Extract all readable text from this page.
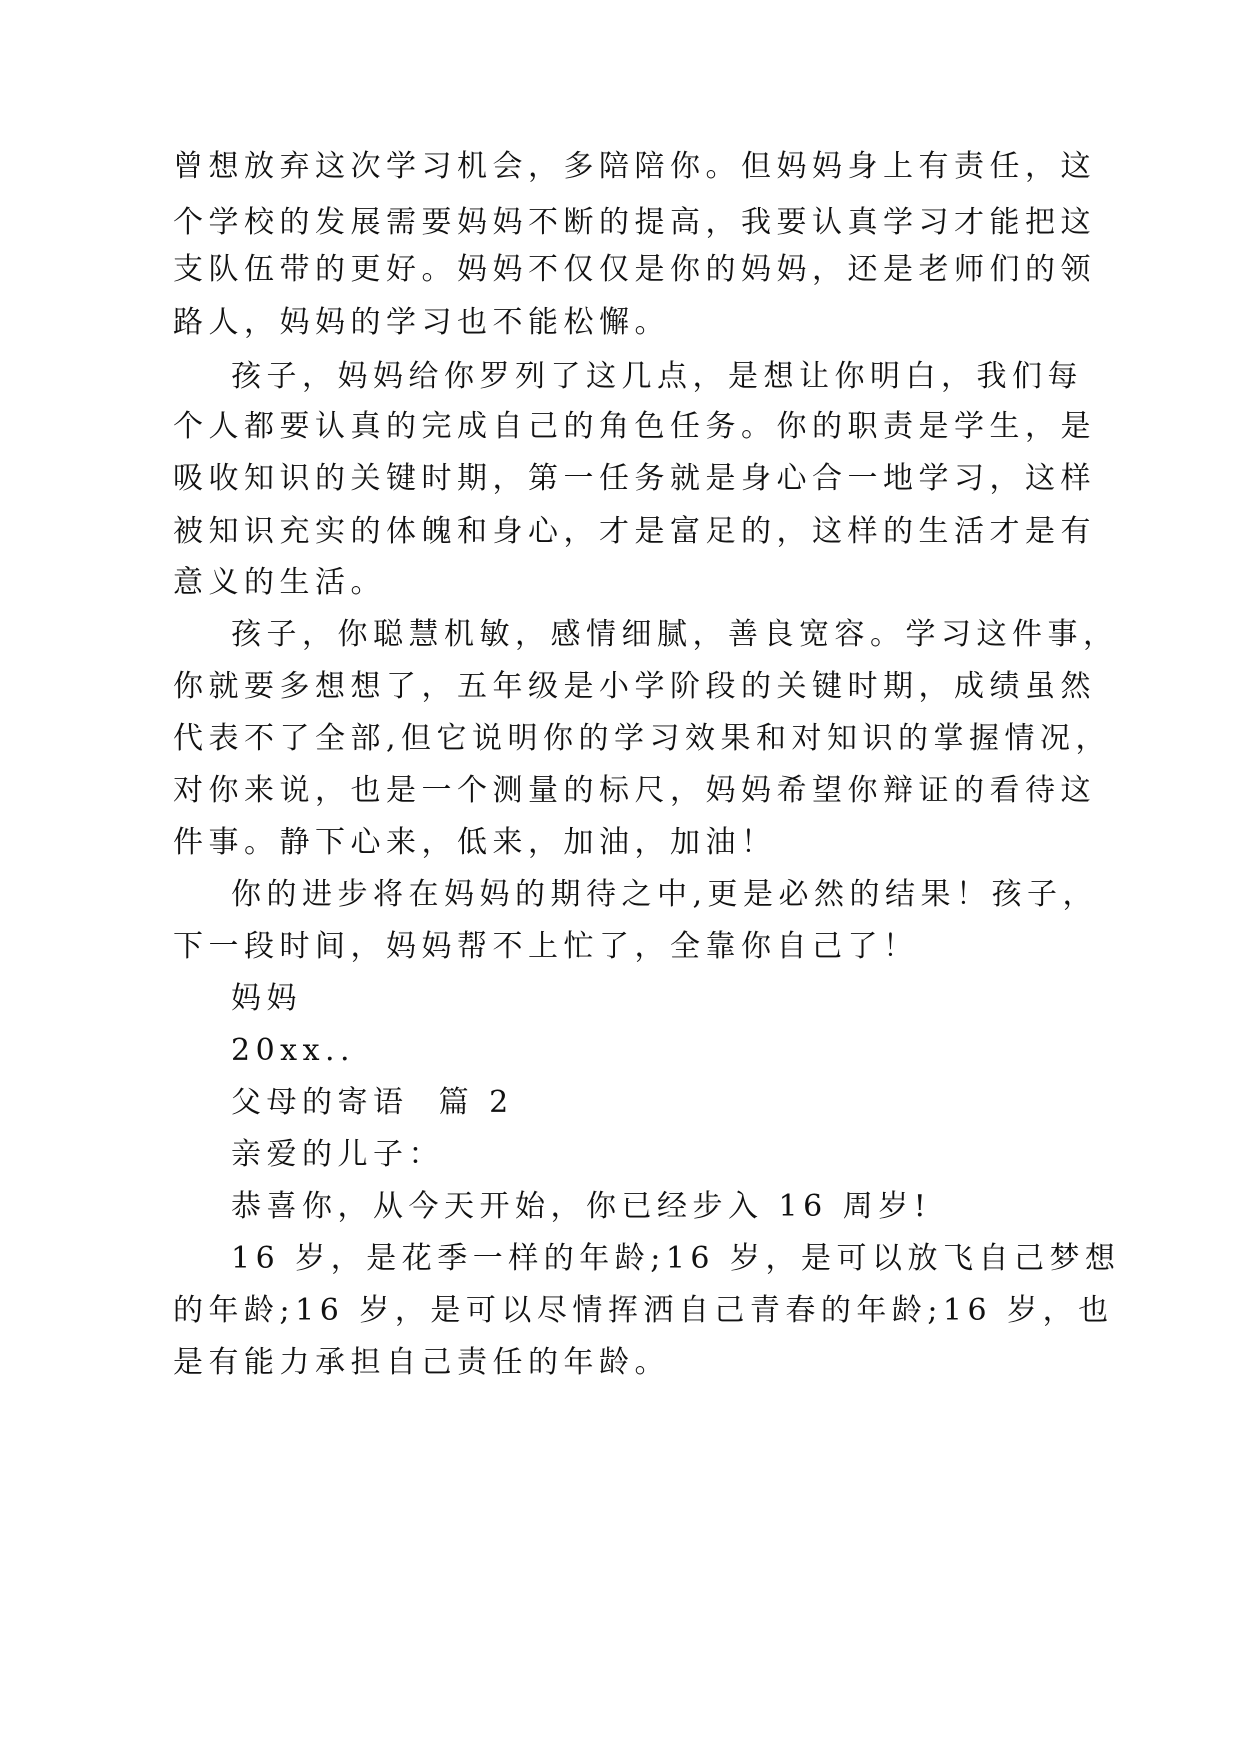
曾想放弃这次学习机会，多陪陪你。但妈妈身上有责任，这
个学校的发展需要妈妈不断的提高，我要认真学习才能把这
支队伍带的更好。妈妈不仅仅是你的妈妈，还是老师们的领
路人，妈妈的学习也不能松懈。
孩子，妈妈给你罗列了这几点，是想让你明白，我们每
个人都要认真的完成自己的角色任务。你的职责是学生，是
吸收知识的关键时期，第一任务就是身心合一地学习，这样
被知识充实的体魄和身心，才是富足的，这样的生活才是有
意义的生活。
孩子，你聪慧机敏，感情细腻，善良宽容。学习这件事，
你就要多想想了，五年级是小学阶段的关键时期，成绩虽然
代表不了全部,但它说明你的学习效果和对知识的掌握情况，
对你来说，也是一个测量的标尺，妈妈希望你辩证的看待这
件事。静下心来，低来，加油，加油！
你的进步将在妈妈的期待之中,更是必然的结果！孩子，
下一段时间，妈妈帮不上忙了，全靠你自己了！
妈妈
20xx..
父母的寄语  篇 2
亲爱的儿子：
恭喜你，从今天开始，你已经步入 16 周岁!
16 岁，是花季一样的年龄;16 岁，是可以放飞自己梦想
的年龄;16 岁，是可以尽情挥洒自己青春的年龄;16 岁，也
是有能力承担自己责任的年龄。
